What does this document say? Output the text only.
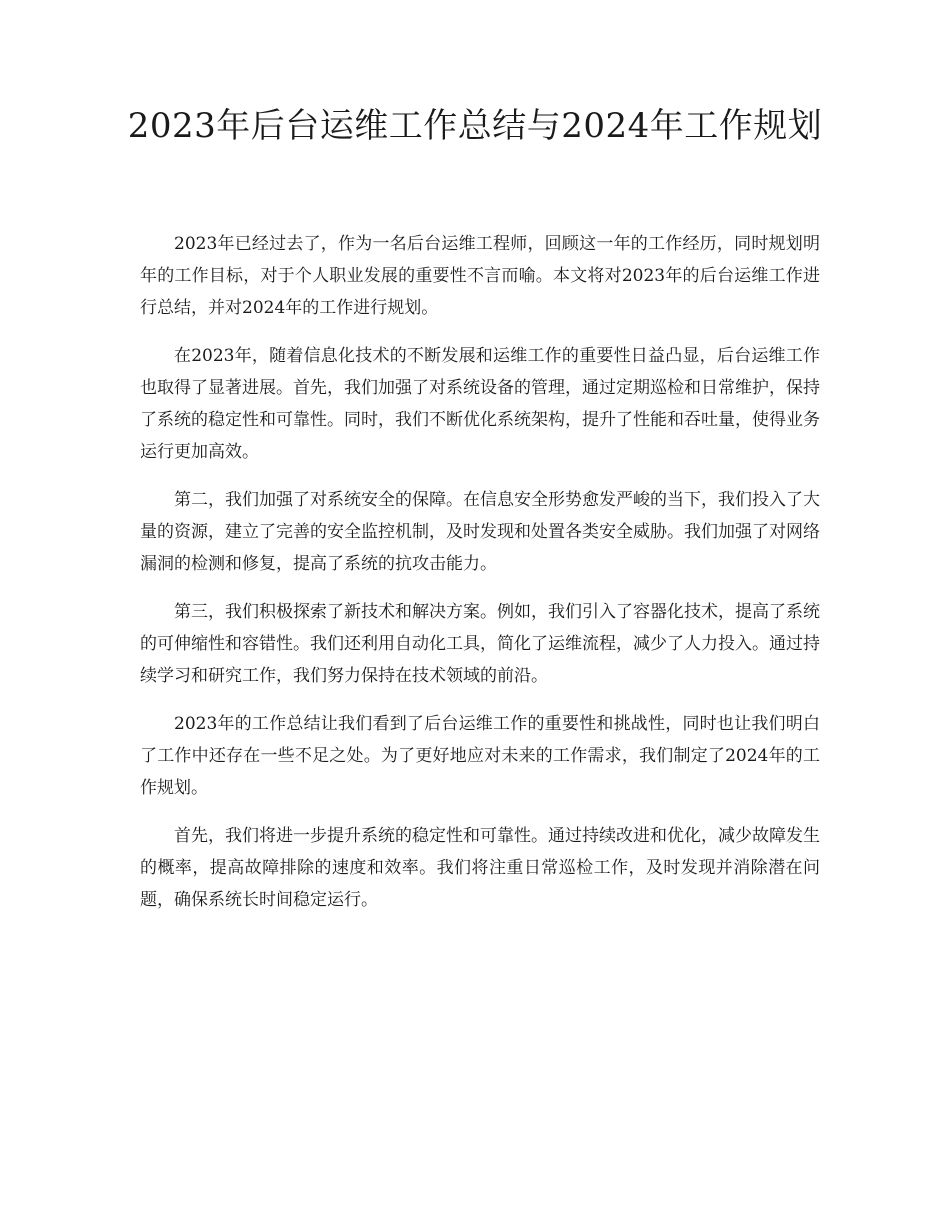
2023年后台运维工作总结与2024年工作规划

2023年已经过去了，作为一名后台运维工程师，回顾这一年的工作经历，同时规划明年的工作目标，对于个人职业发展的重要性不言而喻。本文将对2023年的后台运维工作进行总结，并对2024年的工作进行规划。

在2023年，随着信息化技术的不断发展和运维工作的重要性日益凸显，后台运维工作也取得了显著进展。首先，我们加强了对系统设备的管理，通过定期巡检和日常维护，保持了系统的稳定性和可靠性。同时，我们不断优化系统架构，提升了性能和吞吐量，使得业务运行更加高效。

第二，我们加强了对系统安全的保障。在信息安全形势愈发严峻的当下，我们投入了大量的资源，建立了完善的安全监控机制，及时发现和处置各类安全威胁。我们加强了对网络漏洞的检测和修复，提高了系统的抗攻击能力。

第三，我们积极探索了新技术和解决方案。例如，我们引入了容器化技术，提高了系统的可伸缩性和容错性。我们还利用自动化工具，简化了运维流程，减少了人力投入。通过持续学习和研究工作，我们努力保持在技术领域的前沿。

2023年的工作总结让我们看到了后台运维工作的重要性和挑战性，同时也让我们明白了工作中还存在一些不足之处。为了更好地应对未来的工作需求，我们制定了2024年的工作规划。

首先，我们将进一步提升系统的稳定性和可靠性。通过持续改进和优化，减少故障发生的概率，提高故障排除的速度和效率。我们将注重日常巡检工作，及时发现并消除潜在问题，确保系统长时间稳定运行。
